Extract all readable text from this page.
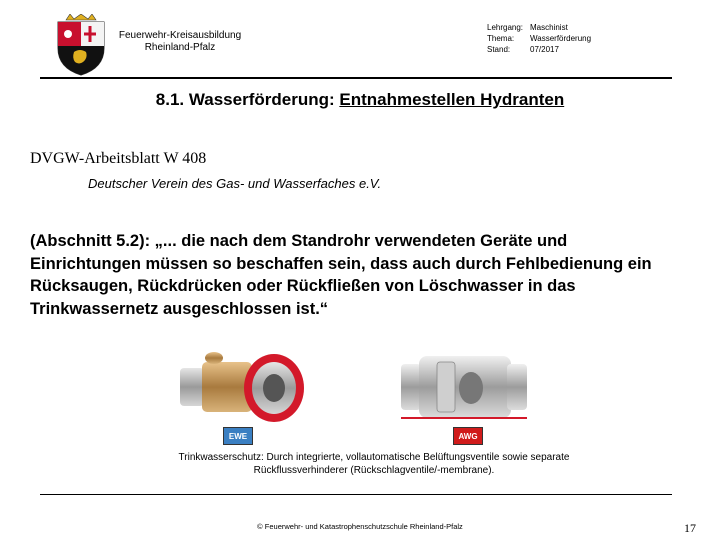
Feuerwehr-Kreisausbildung
Rheinland-Pfalz
Lehrgang: Maschinist
Thema:	Wasserförderung
Stand:	07/2017
8.1. Wasserförderung: Entnahmestellen Hydranten
DVGW-Arbeitsblatt W 408
Deutscher Verein des Gas- und Wasserfaches e.V.
(Abschnitt 5.2): „... die nach dem Standrohr verwendeten Geräte und Einrichtungen müssen so beschaffen sein, dass auch durch Fehlbedienung ein Rücksaugen, Rückdrücken oder Rückfließen von Löschwasser in das Trinkwassernetz ausgeschlossen ist.“
EWE	AWG
Trinkwasserschutz: Durch integrierte, vollautomatische Belüftungsventile sowie separate
Rückflussverhinderer (Rückschlagventile/-membrane).
© Feuerwehr- und Katastrophenschutzschule Rheinland-Pfalz	17
